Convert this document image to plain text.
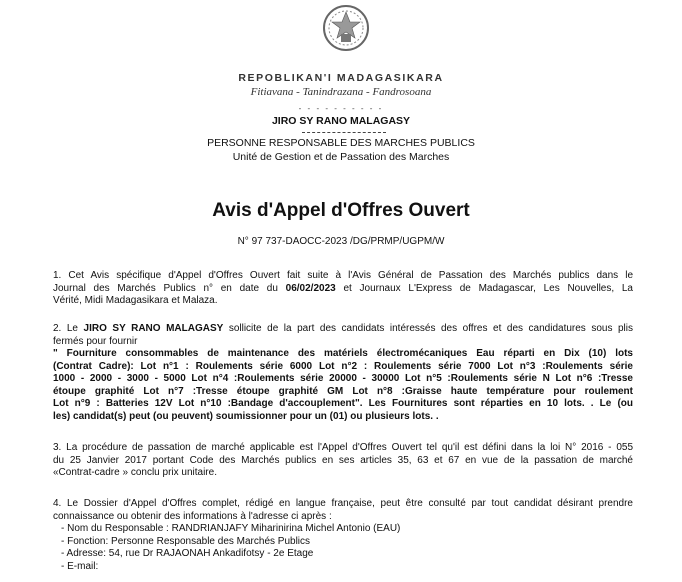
REPOBLIKAN'I MADAGASIKARA
Fitiavana - Tanindrazana - Fandrosoana
- - - - - - - - - -
JIRO SY RANO MALAGASY
PERSONNE RESPONSABLE DES MARCHES PUBLICS
Unité de Gestion et de Passation des Marches
Avis d'Appel d'Offres Ouvert
N° 97 737-DAOCC-2023 /DG/PRMP/UGPM/W
1. Cet Avis spécifique d'Appel d'Offres Ouvert fait suite à l'Avis Général de Passation des Marchés publics dans le
Journal des Marchés Publics n° en date du 06/02/2023 et Journaux L'Express de Madagascar, Les Nouvelles, La
Vérité, Midi Madagasikara et Malaza.
2. Le JIRO SY RANO MALAGASY sollicite de la part des candidats intéressés des offres et des candidatures sous plis
fermés pour fournir
" Fourniture consommables de maintenance des matériels électromécaniques Eau réparti en Dix (10) lots
(Contrat Cadre): Lot n°1 : Roulements série 6000 Lot n°2 : Roulements série 7000 Lot n°3 :Roulements série
1000 - 2000 - 3000 - 5000 Lot n°4 :Roulements série 20000 - 30000 Lot n°5 :Roulements série N Lot n°6 :Tresse
étoupe graphité Lot n°7 :Tresse étoupe graphité GM Lot n°8 :Graisse haute température pour roulement
Lot n°9 : Batteries 12V Lot n°10 :Bandage d'accouplement". Les Fournitures sont réparties en 10 lots. . Le (ou
les) candidat(s) peut (ou peuvent) soumissionner pour un (01) ou plusieurs lots. .
3. La procédure de passation de marché applicable est l'Appel d'Offres Ouvert tel qu'il est défini dans la loi N° 2016 - 055
du 25 Janvier 2017 portant Code des Marchés publics en ses articles 35, 63 et 67 en vue de la passation de marché
«Contrat-cadre » conclu prix unitaire.
4. Le Dossier d'Appel d'Offres complet, rédigé en langue française, peut être consulté par tout candidat désirant prendre
connaissance ou obtenir des informations à l'adresse ci après :
- Nom du Responsable : RANDRIANJAFY Miharinirina Michel Antonio (EAU)
- Fonction: Personne Responsable des Marchés Publics
- Adresse: 54, rue Dr RAJAONAH Ankadifotsy - 2e Etage
- E-mail:
